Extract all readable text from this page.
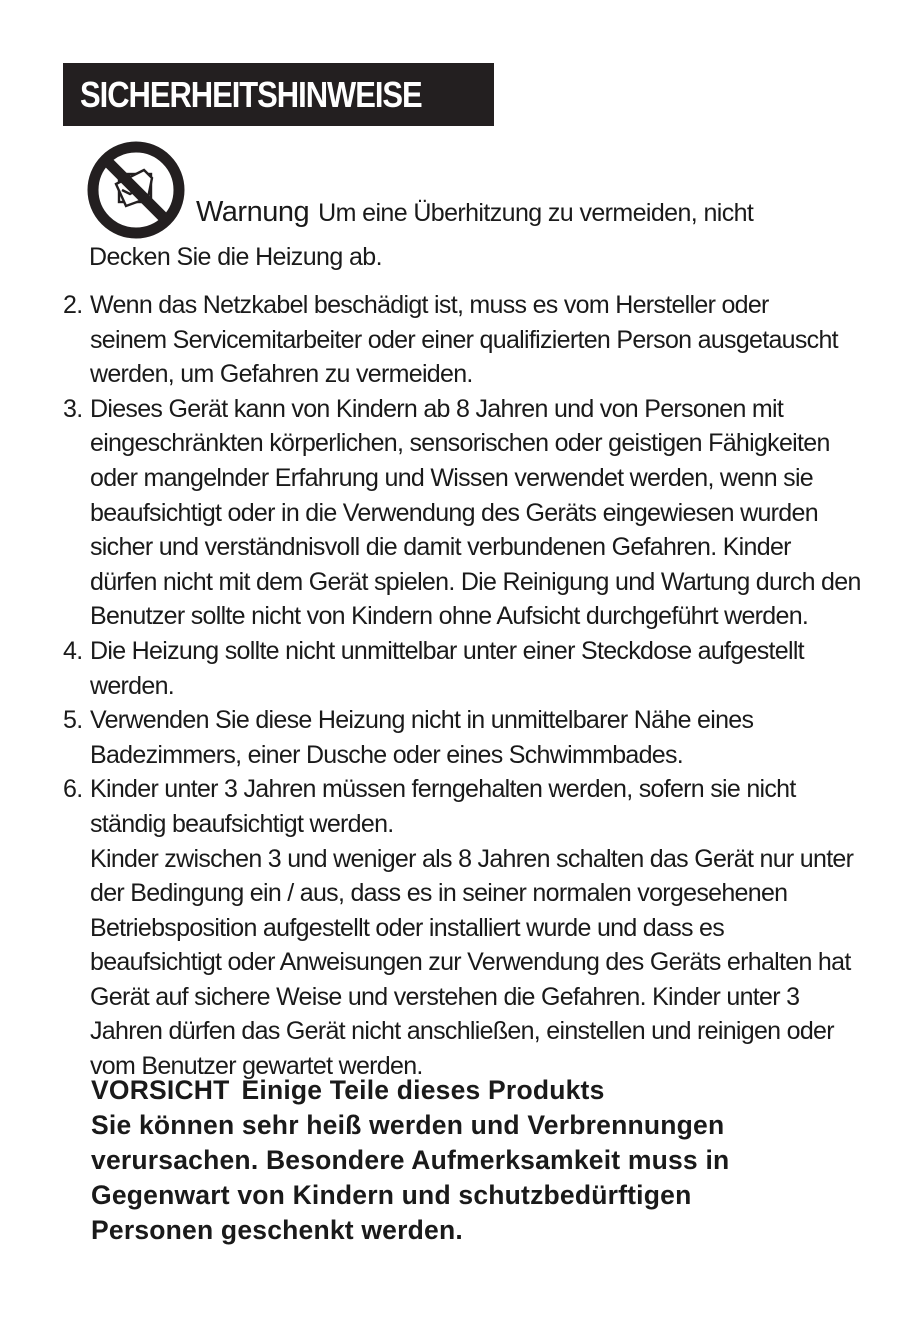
SICHERHEITSHINWEISE
Warnung Um eine Überhitzung zu vermeiden, nicht
Decken Sie die Heizung ab.
2. Wenn das Netzkabel beschädigt ist, muss es vom Hersteller oder
seinem Servicemitarbeiter oder einer qualifizierten Person ausgetauscht
werden, um Gefahren zu vermeiden.
3. Dieses Gerät kann von Kindern ab 8 Jahren und von Personen mit
eingeschränkten körperlichen, sensorischen oder geistigen Fähigkeiten
oder mangelnder Erfahrung und Wissen verwendet werden, wenn sie
beaufsichtigt oder in die Verwendung des Geräts eingewiesen wurden
sicher und verständnisvoll die damit verbundenen Gefahren. Kinder
dürfen nicht mit dem Gerät spielen. Die Reinigung und Wartung durch den
Benutzer sollte nicht von Kindern ohne Aufsicht durchgeführt werden.
4. Die Heizung sollte nicht unmittelbar unter einer Steckdose aufgestellt
werden.
5. Verwenden Sie diese Heizung nicht in unmittelbarer Nähe eines
Badezimmers, einer Dusche oder eines Schwimmbades.
6. Kinder unter 3 Jahren müssen ferngehalten werden, sofern sie nicht
ständig beaufsichtigt werden.
Kinder zwischen 3 und weniger als 8 Jahren schalten das Gerät nur unter
der Bedingung ein / aus, dass es in seiner normalen vorgesehenen
Betriebsposition aufgestellt oder installiert wurde und dass es
beaufsichtigt oder Anweisungen zur Verwendung des Geräts erhalten hat
Gerät auf sichere Weise und verstehen die Gefahren. Kinder unter 3
Jahren dürfen das Gerät nicht anschließen, einstellen und reinigen oder
vom Benutzer gewartet werden.
VORSICHT Einige Teile dieses Produkts
Sie können sehr heiß werden und Verbrennungen
verursachen. Besondere Aufmerksamkeit muss in
Gegenwart von Kindern und schutzbedürftigen
Personen geschenkt werden.
